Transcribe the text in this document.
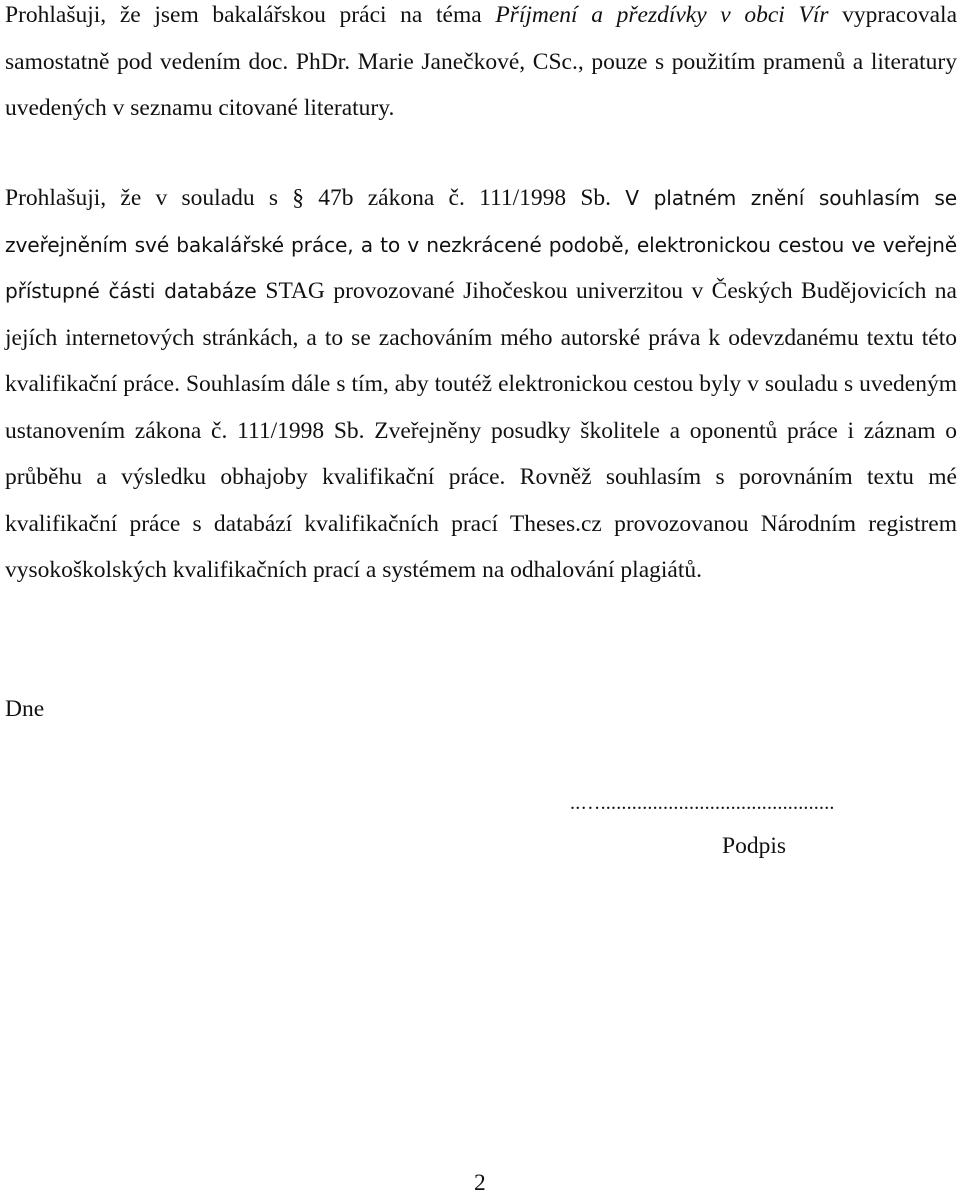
Prohlašuji, že jsem bakalářskou práci na téma Příjmení a přezdívky v obci Vír vypracovala samostatně pod vedením doc. PhDr. Marie Janečkové, CSc., pouze s použitím pramenů a literatury uvedených v seznamu citované literatury.

Prohlašuji, že v souladu s § 47b zákona č. 111/1998 Sb. V platném znění souhlasím se zveřejněním své bakalářské práce, a to v nezkrácené podobě, elektronickou cestou ve veřejně přístupné části databáze STAG provozované Jihočeskou univerzitou v Českých Budějovicích na jejích internetových stránkách, a to se zachováním mého autorské práva k odevzdanému textu této kvalifikační práce. Souhlasím dále s tím, aby toutéž elektronickou cestou byly v souladu s uvedeným ustanovením zákona č. 111/1998 Sb. Zveřejněny posudky školitele a oponentů práce i záznam o průběhu a výsledku obhajoby kvalifikační práce. Rovněž souhlasím s porovnáním textu mé kvalifikační práce s databází kvalifikačních prací Theses.cz provozovanou Národním registrem vysokoškolských kvalifikačních prací a systémem na odhalování plagiátů.

Dne

..….............................................
Podpis
2
